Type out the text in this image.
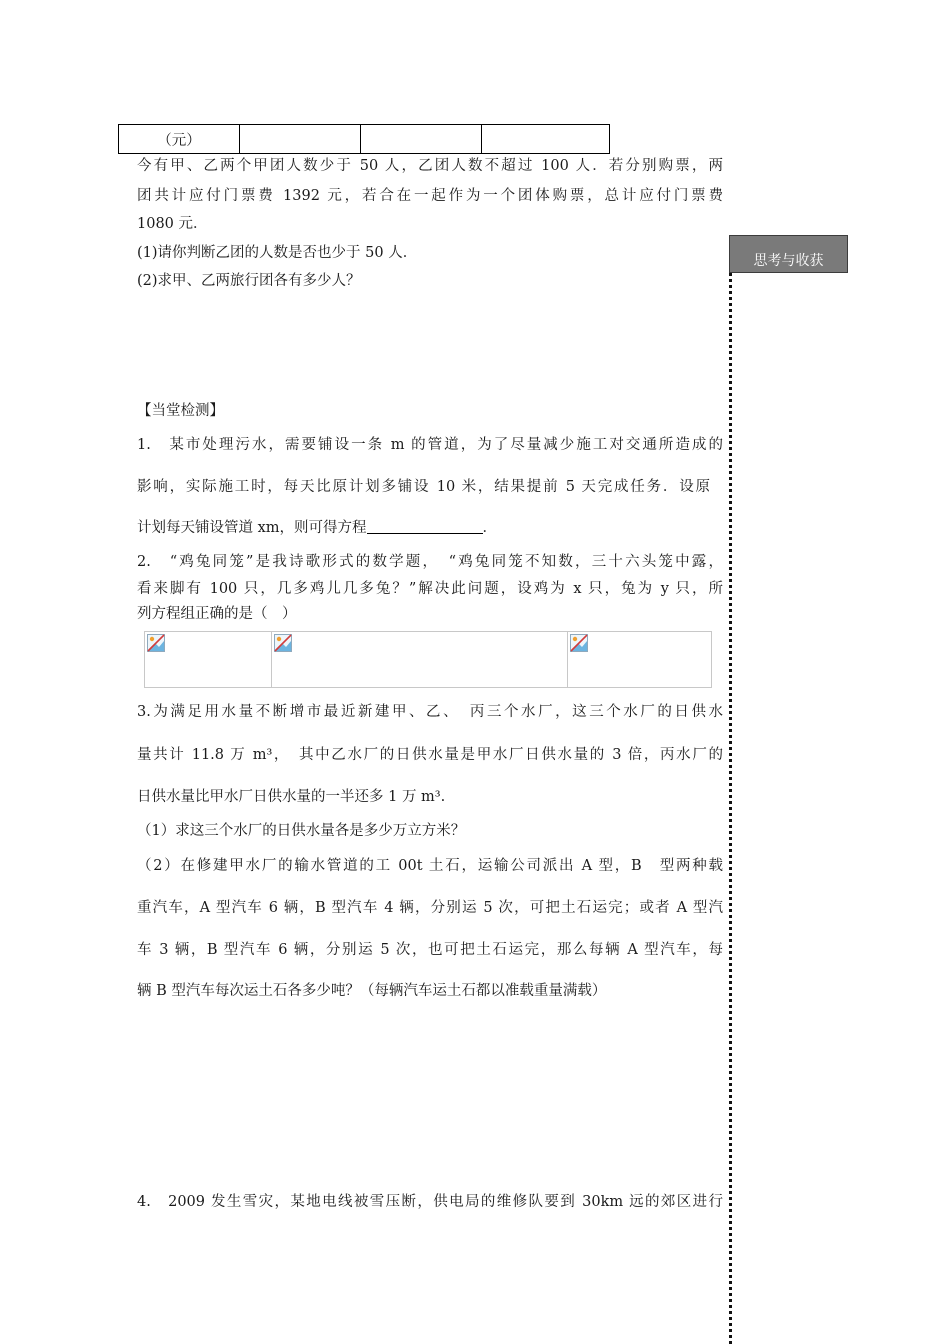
（元）
今有甲、乙两个甲团人数少于 50 人，乙团人数不超过 100 人．若分别购票，两
团共计应付门票费 1392 元，若合在一起作为一个团体购票，总计应付门票费
1080 元．
(1)请你判断乙团的人数是否也少于 50 人．
(2)求甲、乙两旅行团各有多少人？
思考与收获
【当堂检测】
1.　某市处理污水，需要铺设一条 m 的管道，为了尽量减少施工对交通所造成的
影响，实际施工时，每天比原计划多铺设 10 米，结果提前 5 天完成任务．设原
计划每天铺设管道 xm，则可得方程	．
2.　“鸡兔同笼”是我诗歌形式的数学题，　“鸡兔同笼不知数，三十六头笼中露，
看来脚有 100 只，几多鸡儿几多兔？”解决此问题，设鸡为 x 只，兔为 y 只，所
列方程组正确的是（　）
3.为满足用水量不断增市最近新建甲、乙、　丙三个水厂，这三个水厂的日供水
量共计 11.8 万 m³，　其中乙水厂的日供水量是甲水厂日供水量的 3 倍，丙水厂的
日供水量比甲水厂日供水量的一半还多 1 万 m³.
（1）求这三个水厂的日供水量各是多少万立方米？
（2）在修建甲水厂的输水管道的工 00t 土石，运输公司派出 A 型，B　型两种载
重汽车，A 型汽车 6 辆，B 型汽车 4 辆，分别运 5 次，可把土石运完；或者 A 型汽
车 3 辆，B 型汽车 6 辆，分别运 5 次，也可把土石运完，那么每辆 A 型汽车，每
辆 B 型汽车每次运土石各多少吨？（每辆汽车运土石都以准载重量满载）
4.　2009 发生雪灾，某地电线被雪压断，供电局的维修队要到 30km 远的郊区进行
